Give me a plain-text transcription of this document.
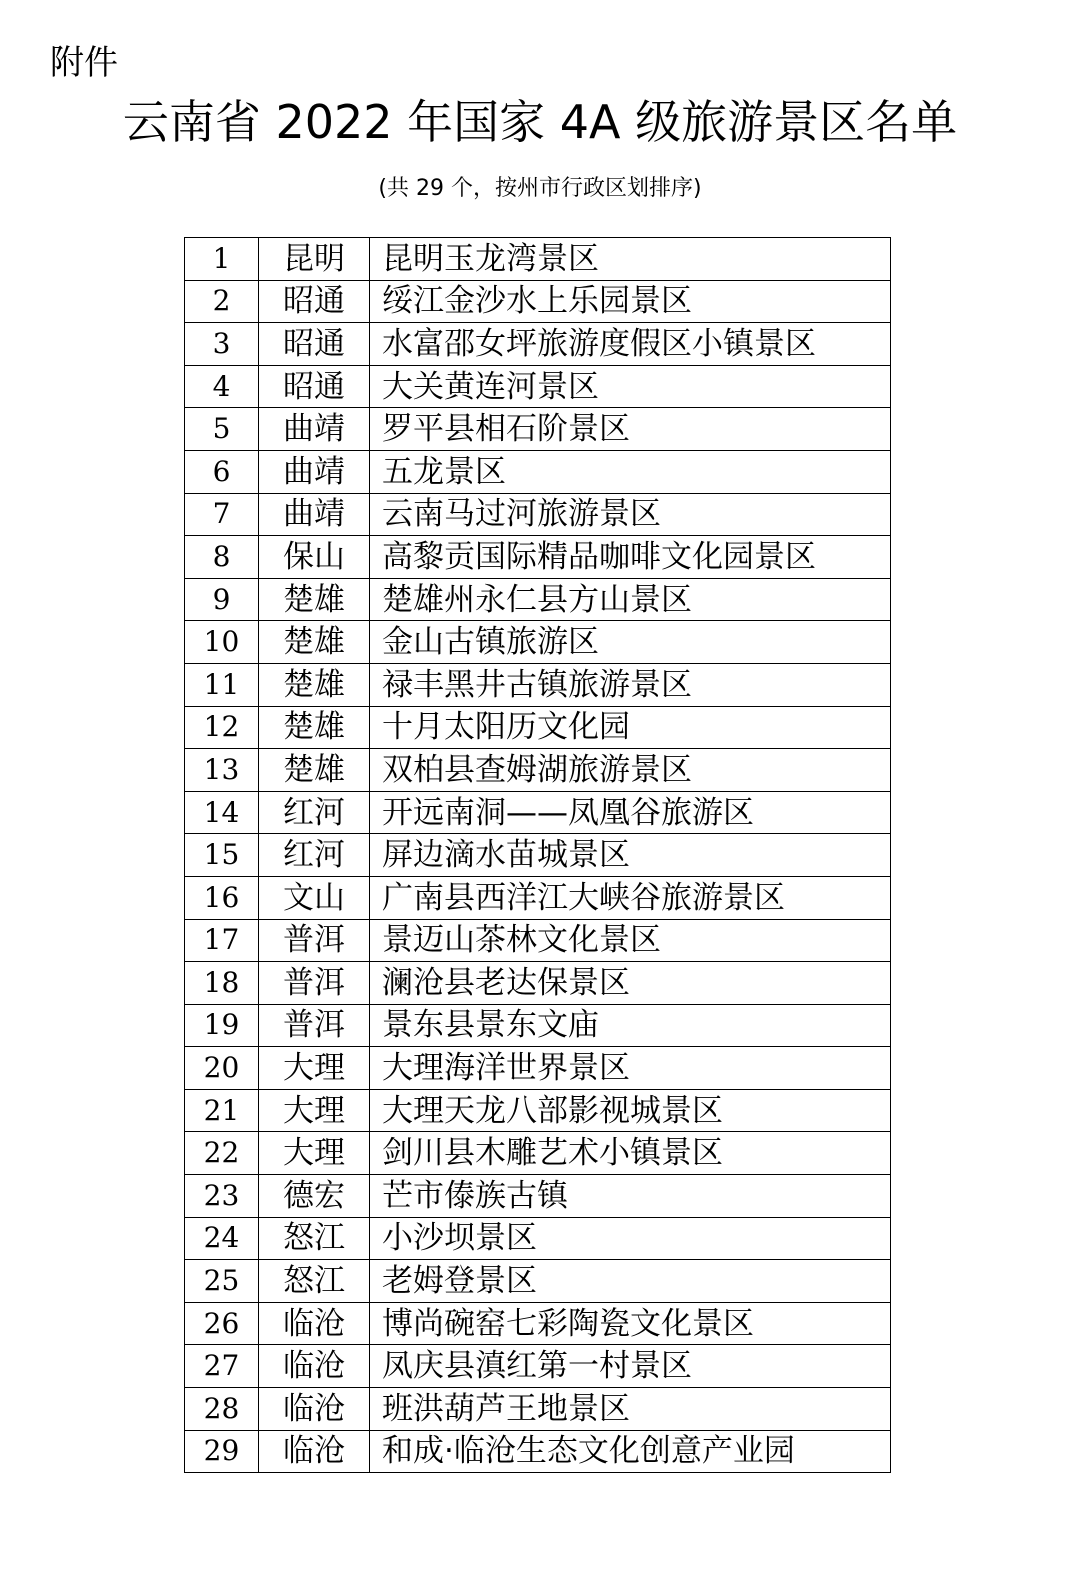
附件
云南省 2022 年国家 4A 级旅游景区名单
(共 29 个，按州市行政区划排序)
1	昆明	昆明玉龙湾景区
2	昭通	绥江金沙水上乐园景区
3	昭通	水富邵女坪旅游度假区小镇景区
4	昭通	大关黄连河景区
5	曲靖	罗平县相石阶景区
6	曲靖	五龙景区
7	曲靖	云南马过河旅游景区
8	保山	高黎贡国际精品咖啡文化园景区
9	楚雄	楚雄州永仁县方山景区
10	楚雄	金山古镇旅游区
11	楚雄	禄丰黑井古镇旅游景区
12	楚雄	十月太阳历文化园
13	楚雄	双柏县查姆湖旅游景区
14	红河	开远南洞——凤凰谷旅游区
15	红河	屏边滴水苗城景区
16	文山	广南县西洋江大峡谷旅游景区
17	普洱	景迈山茶林文化景区
18	普洱	澜沧县老达保景区
19	普洱	景东县景东文庙
20	大理	大理海洋世界景区
21	大理	大理天龙八部影视城景区
22	大理	剑川县木雕艺术小镇景区
23	德宏	芒市傣族古镇
24	怒江	小沙坝景区
25	怒江	老姆登景区
26	临沧	博尚碗窑七彩陶瓷文化景区
27	临沧	凤庆县滇红第一村景区
28	临沧	班洪葫芦王地景区
29	临沧	和成·临沧生态文化创意产业园
